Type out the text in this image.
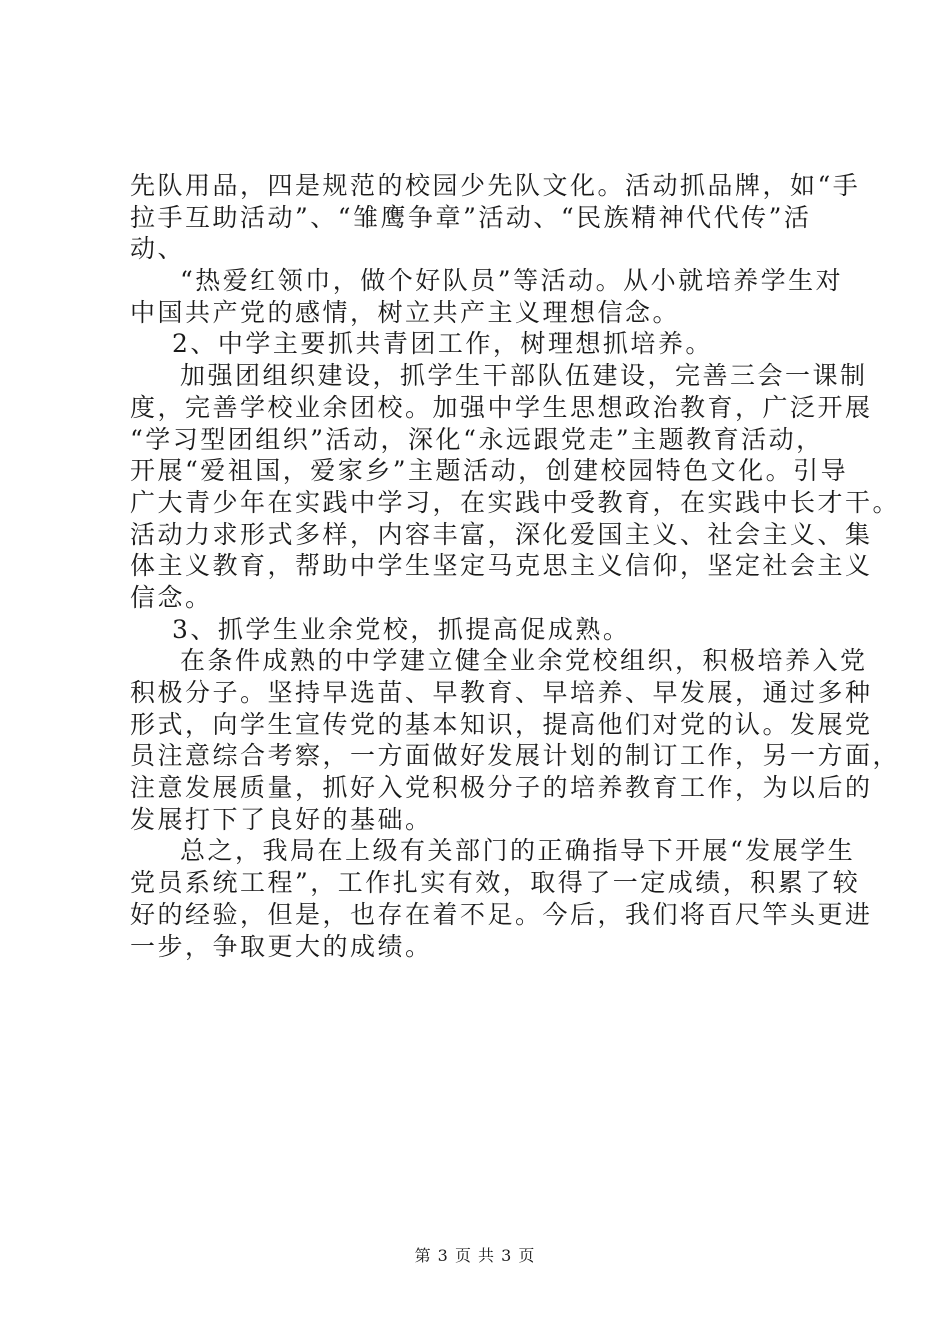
先队用品，四是规范的校园少先队文化。活动抓品牌，如“手
拉手互助活动”、“雏鹰争章”活动、“民族精神代代传”活
动、
“热爱红领巾，做个好队员”等活动。从小就培养学生对
中国共产党的感情，树立共产主义理想信念。
2、中学主要抓共青团工作，树理想抓培养。
加强团组织建设，抓学生干部队伍建设，完善三会一课制
度，完善学校业余团校。加强中学生思想政治教育，广泛开展
“学习型团组织”活动，深化“永远跟党走”主题教育活动，
开展“爱祖国，爱家乡”主题活动，创建校园特色文化。引导
广大青少年在实践中学习，在实践中受教育，在实践中长才干。
活动力求形式多样，内容丰富，深化爱国主义、社会主义、集
体主义教育，帮助中学生坚定马克思主义信仰，坚定社会主义
信念。
3、抓学生业余党校，抓提高促成熟。
在条件成熟的中学建立健全业余党校组织，积极培养入党
积极分子。坚持早选苗、早教育、早培养、早发展，通过多种
形式，向学生宣传党的基本知识，提高他们对党的认。发展党
员注意综合考察，一方面做好发展计划的制订工作，另一方面，
注意发展质量，抓好入党积极分子的培养教育工作，为以后的
发展打下了良好的基础。
总之，我局在上级有关部门的正确指导下开展“发展学生
党员系统工程”，工作扎实有效，取得了一定成绩，积累了较
好的经验，但是，也存在着不足。今后，我们将百尺竿头更进
一步，争取更大的成绩。
第 3 页 共 3 页
